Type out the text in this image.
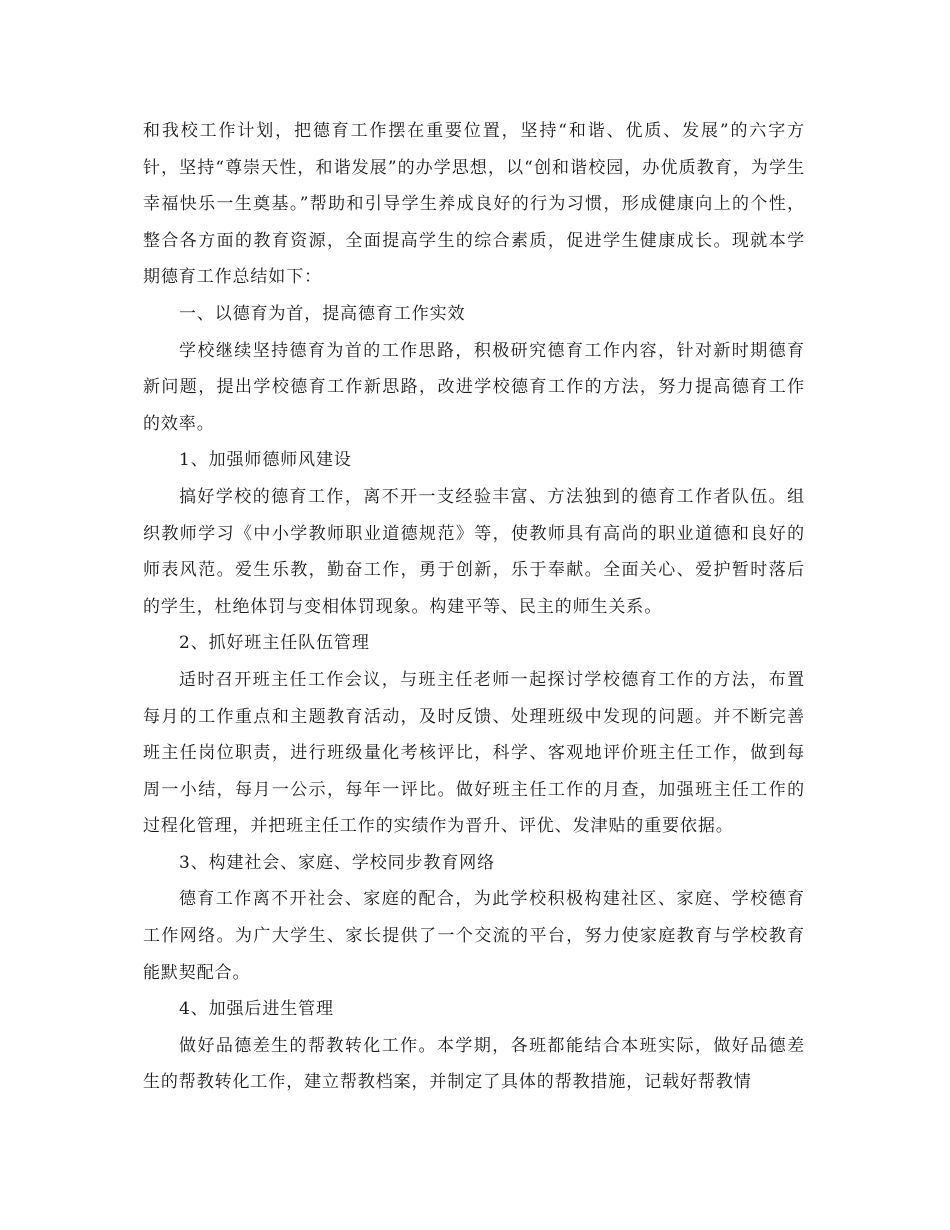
和我校工作计划，把德育工作摆在重要位置，坚持“和谐、优质、发展”的六字方针，坚持“尊崇天性，和谐发展”的办学思想，以“创和谐校园，办优质教育，为学生幸福快乐一生奠基。”帮助和引导学生养成良好的行为习惯，形成健康向上的个性，整合各方面的教育资源，全面提高学生的综合素质，促进学生健康成长。现就本学期德育工作总结如下：

一、以德育为首，提高德育工作实效

学校继续坚持德育为首的工作思路，积极研究德育工作内容，针对新时期德育新问题，提出学校德育工作新思路，改进学校德育工作的方法，努力提高德育工作的效率。

1、加强师德师风建设

搞好学校的德育工作，离不开一支经验丰富、方法独到的德育工作者队伍。组织教师学习《中小学教师职业道德规范》等，使教师具有高尚的职业道德和良好的师表风范。爱生乐教，勤奋工作，勇于创新，乐于奉献。全面关心、爱护暂时落后的学生，杜绝体罚与变相体罚现象。构建平等、民主的师生关系。

2、抓好班主任队伍管理

适时召开班主任工作会议，与班主任老师一起探讨学校德育工作的方法，布置每月的工作重点和主题教育活动，及时反馈、处理班级中发现的问题。并不断完善班主任岗位职责，进行班级量化考核评比，科学、客观地评价班主任工作，做到每周一小结，每月一公示，每年一评比。做好班主任工作的月查，加强班主任工作的过程化管理，并把班主任工作的实绩作为晋升、评优、发津贴的重要依据。

3、构建社会、家庭、学校同步教育网络

德育工作离不开社会、家庭的配合，为此学校积极构建社区、家庭、学校德育工作网络。为广大学生、家长提供了一个交流的平台，努力使家庭教育与学校教育能默契配合。

4、加强后进生管理

做好品德差生的帮教转化工作。本学期，各班都能结合本班实际，做好品德差生的帮教转化工作，建立帮教档案，并制定了具体的帮教措施，记载好帮教情
